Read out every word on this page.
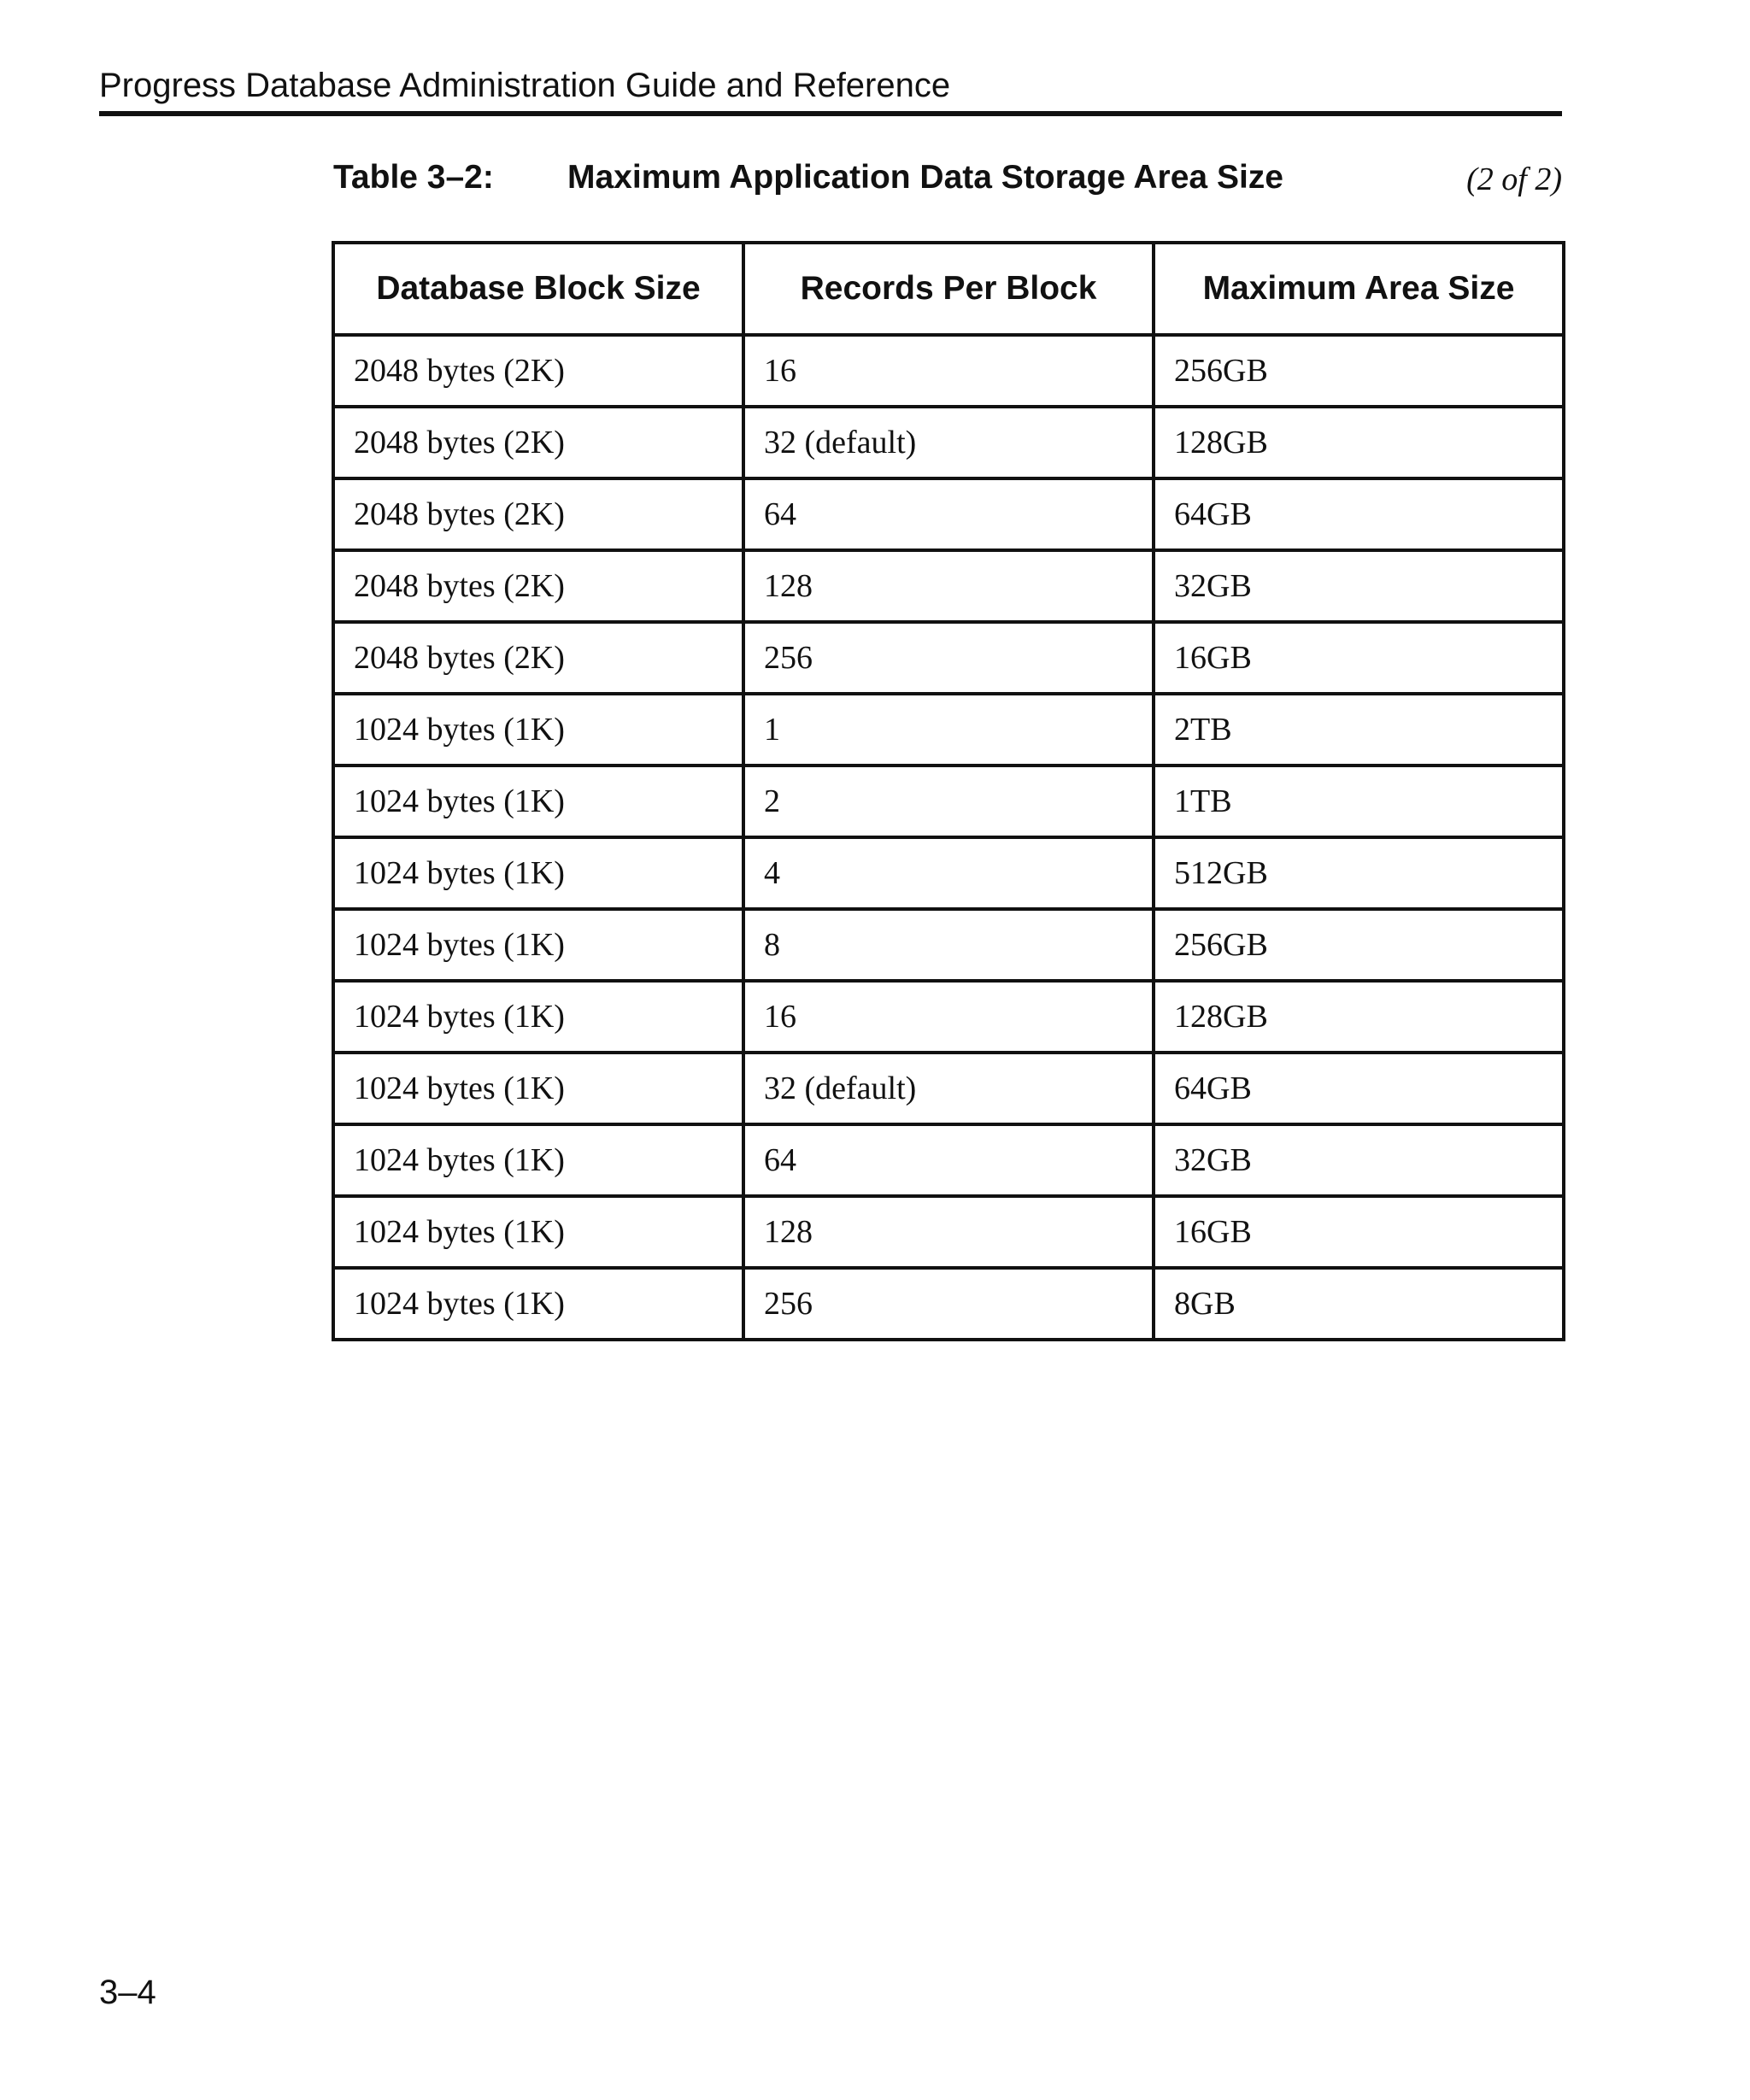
Progress Database Administration Guide and Reference
Table 3–2: Maximum Application Data Storage Area Size	(2 of 2)
Database Block Size	Records Per Block	Maximum Area Size
2048 bytes (2K)	16	256GB
2048 bytes (2K)	32 (default)	128GB
2048 bytes (2K)	64	64GB
2048 bytes (2K)	128	32GB
2048 bytes (2K)	256	16GB
1024 bytes (1K)	1	2TB
1024 bytes (1K)	2	1TB
1024 bytes (1K)	4	512GB
1024 bytes (1K)	8	256GB
1024 bytes (1K)	16	128GB
1024 bytes (1K)	32 (default)	64GB
1024 bytes (1K)	64	32GB
1024 bytes (1K)	128	16GB
1024 bytes (1K)	256	8GB
3–4
